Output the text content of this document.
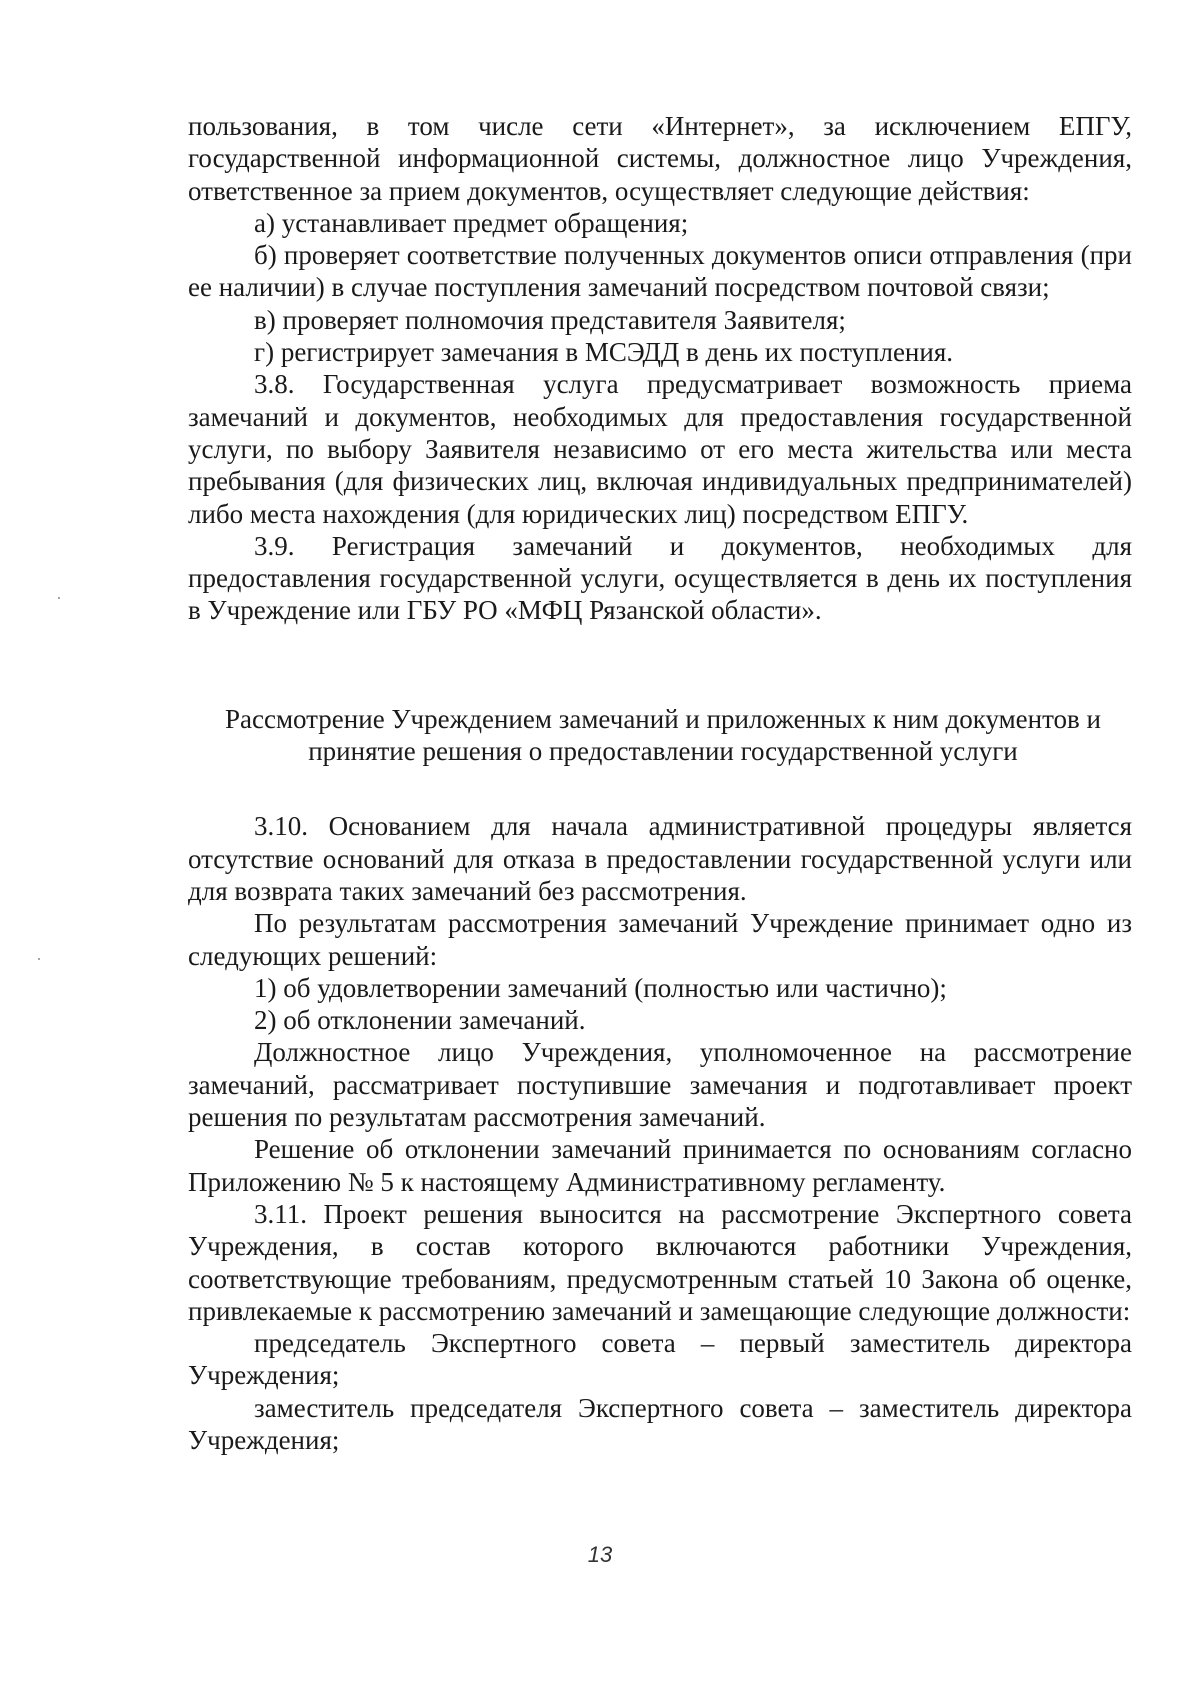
пользования, в том числе сети «Интернет», за исключением ЕПГУ, государственной информационной системы, должностное лицо Учреждения, ответственное за прием документов, осуществляет следующие действия:

а) устанавливает предмет обращения;

б) проверяет соответствие полученных документов описи отправления (при ее наличии) в случае поступления замечаний посредством почтовой связи;

в) проверяет полномочия представителя Заявителя;

г) регистрирует замечания в МСЭДД в день их поступления.

3.8. Государственная услуга предусматривает возможность приема замечаний и документов, необходимых для предоставления государственной услуги, по выбору Заявителя независимо от его места жительства или места пребывания (для физических лиц, включая индивидуальных предпринимателей) либо места нахождения (для юридических лиц) посредством ЕПГУ.

3.9. Регистрация замечаний и документов, необходимых для предоставления государственной услуги, осуществляется в день их поступления в Учреждение или ГБУ РО «МФЦ Рязанской области».

Рассмотрение Учреждением замечаний и приложенных к ним документов и

принятие решения о предоставлении государственной услуги

3.10. Основанием для начала административной процедуры является отсутствие оснований для отказа в предоставлении государственной услуги или для возврата таких замечаний без рассмотрения.

По результатам рассмотрения замечаний Учреждение принимает одно из следующих решений:

1) об удовлетворении замечаний (полностью или частично);

2) об отклонении замечаний.

Должностное лицо Учреждения, уполномоченное на рассмотрение замечаний, рассматривает поступившие замечания и подготавливает проект решения по результатам рассмотрения замечаний.

Решение об отклонении замечаний принимается по основаниям согласно Приложению № 5 к настоящему Административному регламенту.

3.11. Проект решения выносится на рассмотрение Экспертного совета Учреждения, в состав которого включаются работники Учреждения, соответствующие требованиям, предусмотренным статьей 10 Закона об оценке, привлекаемые к рассмотрению замечаний и замещающие следующие должности:

председатель Экспертного совета – первый заместитель директора Учреждения;

заместитель председателя Экспертного совета – заместитель директора Учреждения;

13
